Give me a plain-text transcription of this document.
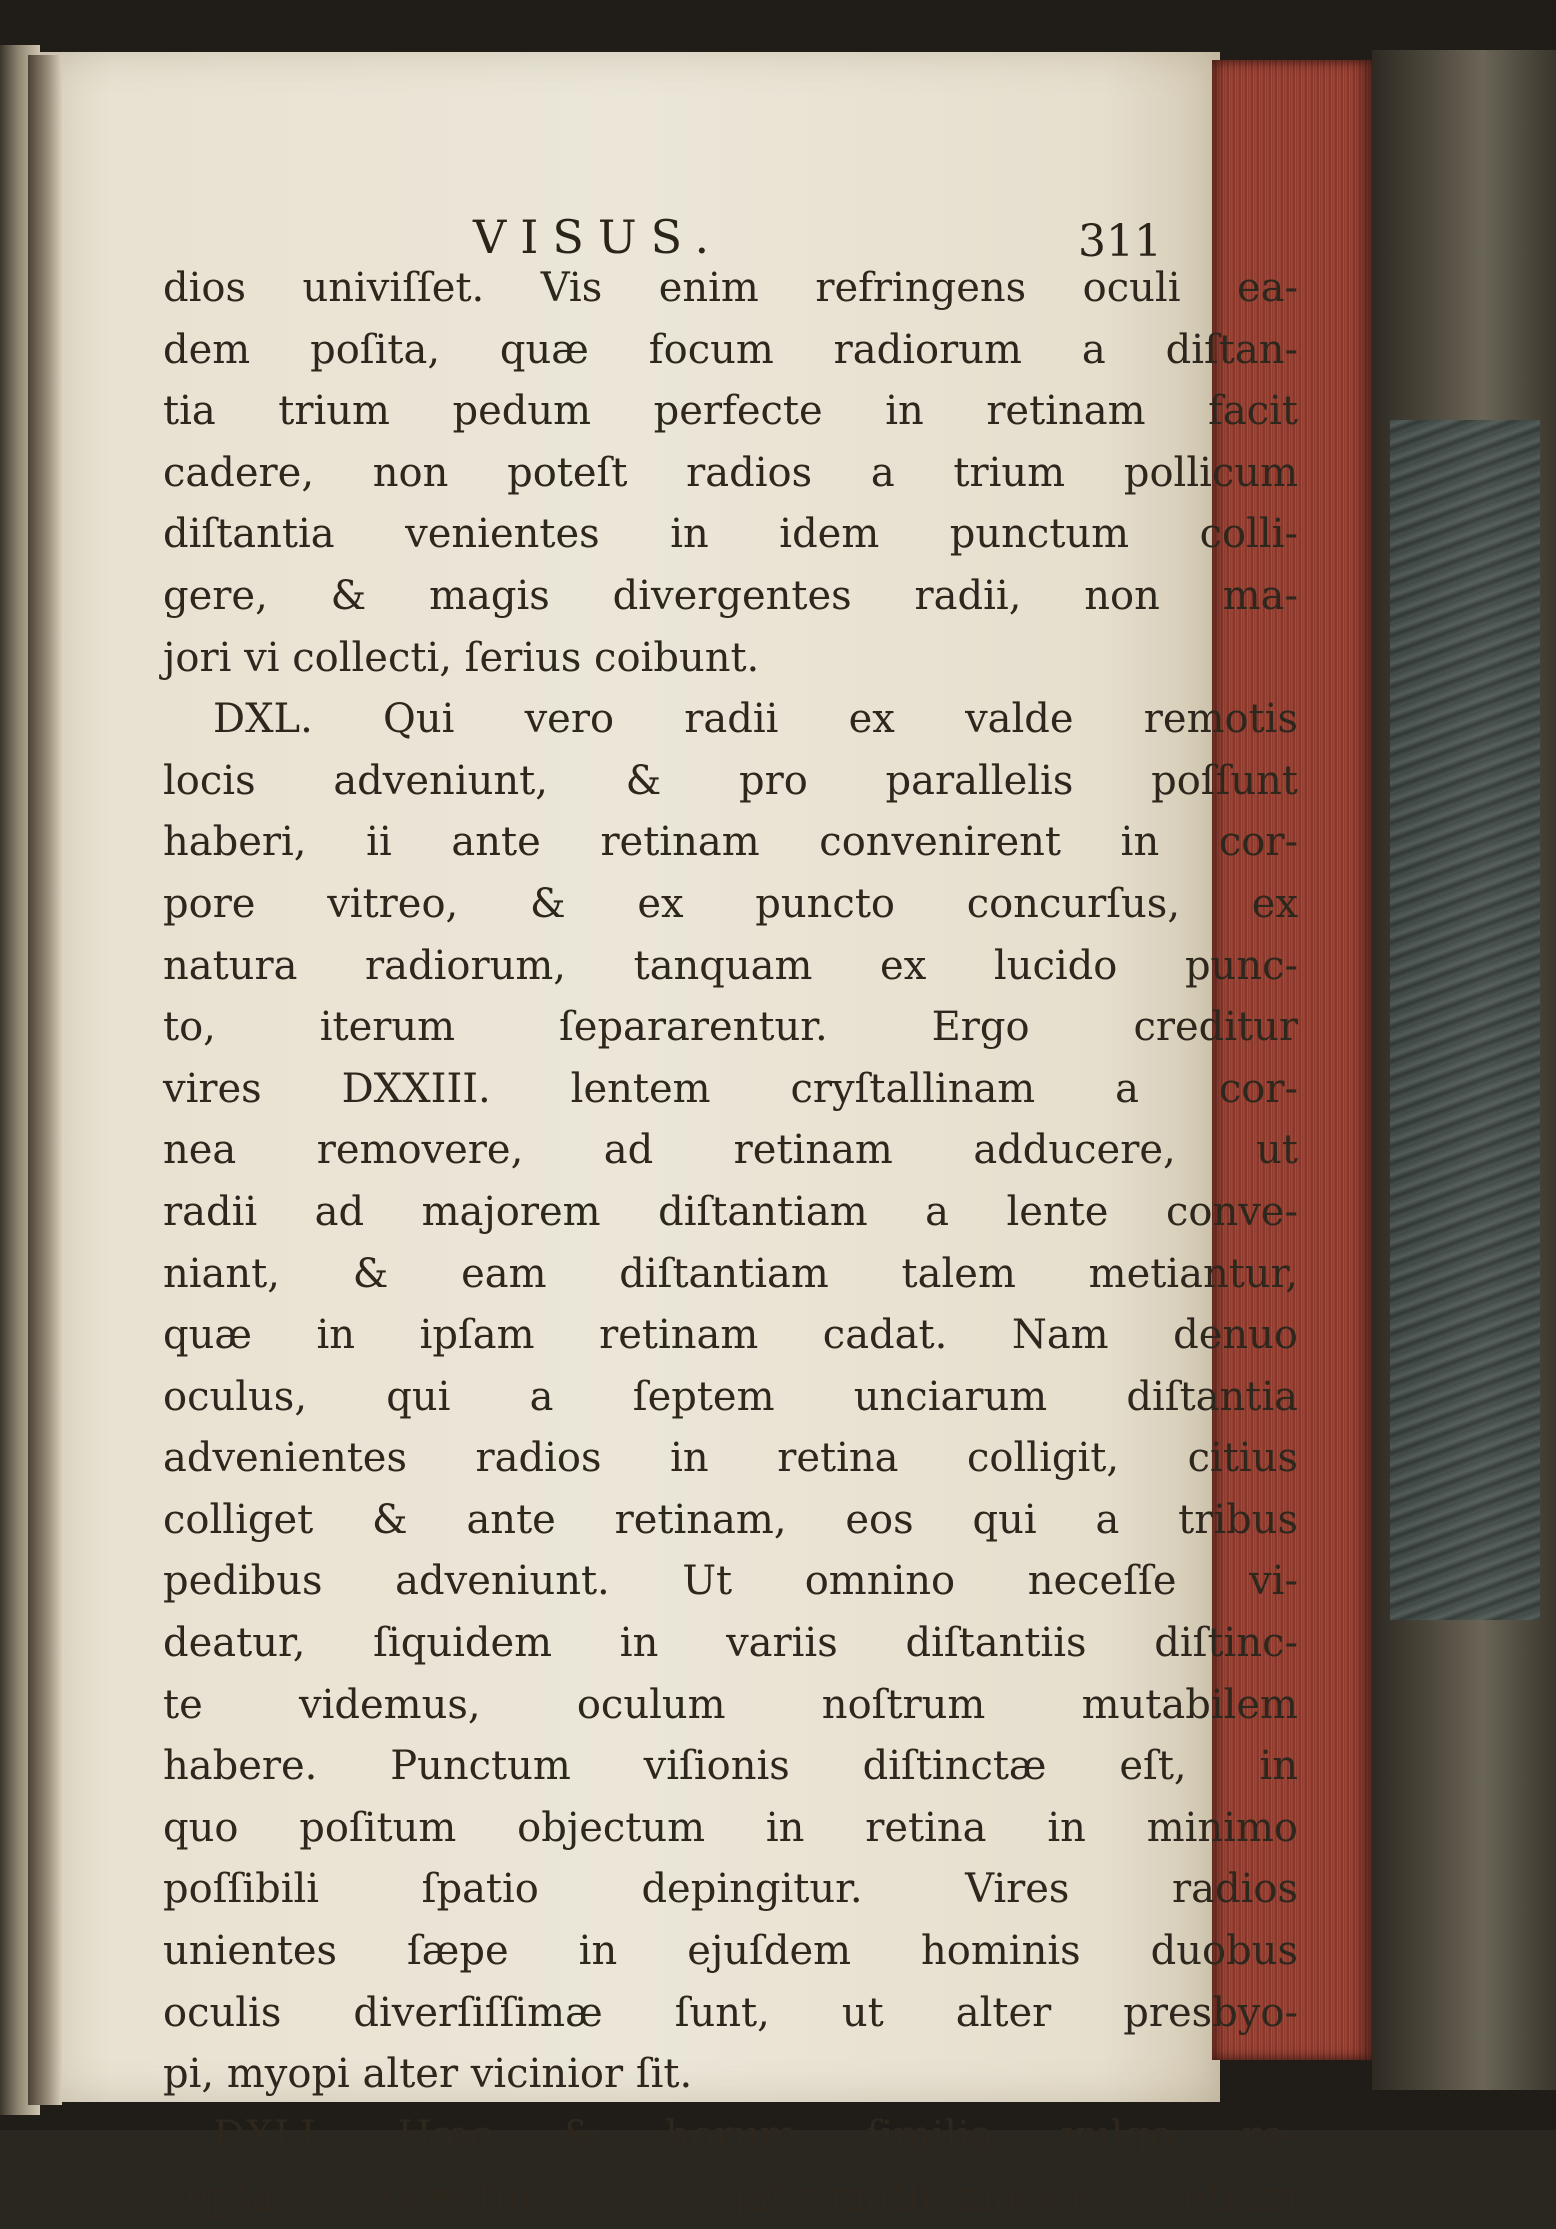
VISUS.	311
dios univiſſet. Vis enim refringens oculi ea-
dem poſita, quæ focum radiorum a diſtan-
tia trium pedum perfecte in retinam facit
cadere, non poteſt radios a trium pollicum
diſtantia venientes in idem punctum colli-
gere, & magis divergentes radii, non ma-
jori vi collecti, ſerius coibunt.
DXL. Qui vero radii ex valde remotis
locis adveniunt, & pro parallelis poſſunt
haberi, ii ante retinam convenirent in cor-
pore vitreo, & ex puncto concurſus, ex
natura radiorum, tanquam ex lucido punc-
to, iterum ſepararentur. Ergo creditur
vires DXXIII. lentem cryſtallinam a cor-
nea removere, ad retinam adducere, ut
radii ad majorem diſtantiam a lente conve-
niant, & eam diſtantiam talem metiantur,
quæ in ipſam retinam cadat. Nam denuo
oculus, qui a ſeptem unciarum diſtantia
advenientes radios in retina colligit, citius
colliget & ante retinam, eos qui a tribus
pedibus adveniunt. Ut omnino neceſſe vi-
deatur, ſiquidem in variis diſtantiis diſtinc-
te videmus, oculum noſtrum mutabilem
habere. Punctum viſionis diſtinctæ eſt, in
quo poſitum objectum in retina in minimo
poſſibili ſpatio depingitur. Vires radios
unientes ſæpe in ejuſdem hominis duobus
oculis diverſiſſimæ ſunt, ut alter presbyo-
pi, myopi alter vicinior ſit.
DXLI. Hæc & horum ſimilia vulgo re-
cepta docentur, a jatromathematicis etiam
